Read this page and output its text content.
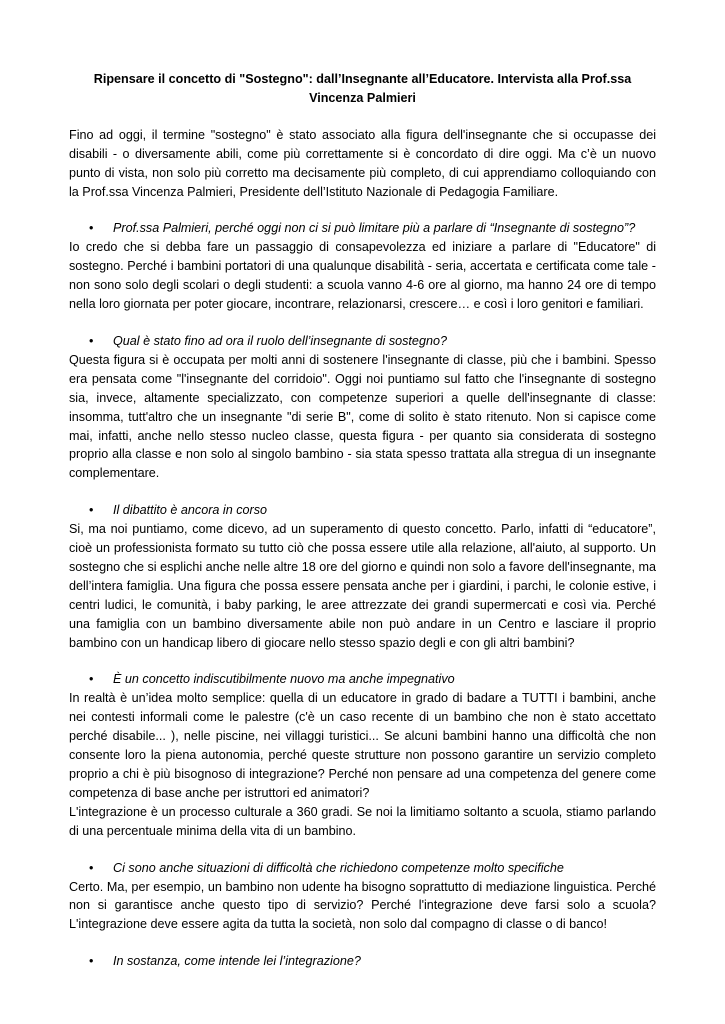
Ripensare il concetto di "Sostegno": dall’Insegnante all’Educatore. Intervista alla Prof.ssa Vincenza Palmieri

Fino ad oggi, il termine "sostegno" è stato associato alla figura dell'insegnante che si occupasse dei disabili - o diversamente abili, come più correttamente si è concordato di dire oggi. Ma c’è un nuovo punto di vista, non solo più corretto ma decisamente più completo, di cui apprendiamo colloquiando con la Prof.ssa Vincenza Palmieri, Presidente dell’Istituto Nazionale di Pedagogia Familiare.

• Prof.ssa Palmieri, perché oggi non ci si può limitare più a parlare di “Insegnante di sostegno”?

Io credo che si debba fare un passaggio di consapevolezza ed iniziare a parlare di "Educatore" di sostegno. Perché i bambini portatori di una qualunque disabilità - seria, accertata e certificata come tale - non sono solo degli scolari o degli studenti: a scuola vanno 4-6 ore al giorno, ma hanno 24 ore di tempo nella loro giornata per poter giocare, incontrare, relazionarsi, crescere… e così i loro genitori e familiari.

• Qual è stato fino ad ora il ruolo dell’insegnante di sostegno?

Questa figura si è occupata per molti anni di sostenere l'insegnante di classe, più che i bambini. Spesso era pensata come "l'insegnante del corridoio". Oggi noi puntiamo sul fatto che l'insegnante di sostegno sia, invece, altamente specializzato, con competenze superiori a quelle dell'insegnante di classe: insomma, tutt'altro che un insegnante "di serie B", come di solito è stato ritenuto. Non si capisce come mai, infatti, anche nello stesso nucleo classe, questa figura - per quanto sia considerata di sostegno proprio alla classe e non solo al singolo bambino - sia stata spesso trattata alla stregua di un insegnante complementare.

• Il dibattito è ancora in corso

Si, ma noi puntiamo, come dicevo, ad un superamento di questo concetto. Parlo, infatti di “educatore”, cioè un professionista formato su tutto ciò che possa essere utile alla relazione, all'aiuto, al supporto. Un sostegno che si esplichi anche nelle altre 18 ore del giorno e quindi non solo a favore dell'insegnante, ma dell’intera famiglia. Una figura che possa essere pensata anche per i giardini, i parchi, le colonie estive, i centri ludici, le comunità, i baby parking, le aree attrezzate dei grandi supermercati e così via. Perché una famiglia con un bambino diversamente abile non può andare in un Centro e lasciare il proprio bambino con un handicap libero di giocare nello stesso spazio degli e con gli altri bambini?

• È un concetto indiscutibilmente nuovo ma anche impegnativo

In realtà è un’idea molto semplice: quella di un educatore in grado di badare a TUTTI i bambini, anche nei contesti informali come le palestre (c'è un caso recente di un bambino che non è stato accettato perché disabile... ), nelle piscine, nei villaggi turistici... Se alcuni bambini hanno una difficoltà che non consente loro la piena autonomia, perché queste strutture non possono garantire un servizio completo proprio a chi è più bisognoso di integrazione? Perché non pensare ad una competenza del genere come competenza di base anche per istruttori ed animatori?

L'integrazione è un processo culturale a 360 gradi. Se noi la limitiamo soltanto a scuola, stiamo parlando di una percentuale minima della vita di un bambino.

• Ci sono anche situazioni di difficoltà che richiedono competenze molto specifiche

Certo. Ma, per esempio, un bambino non udente ha bisogno soprattutto di mediazione linguistica. Perché non si garantisce anche questo tipo di servizio? Perché l'integrazione deve farsi solo a scuola? L'integrazione deve essere agita da tutta la società, non solo dal compagno di classe o di banco!

• In sostanza, come intende lei l’integrazione?
